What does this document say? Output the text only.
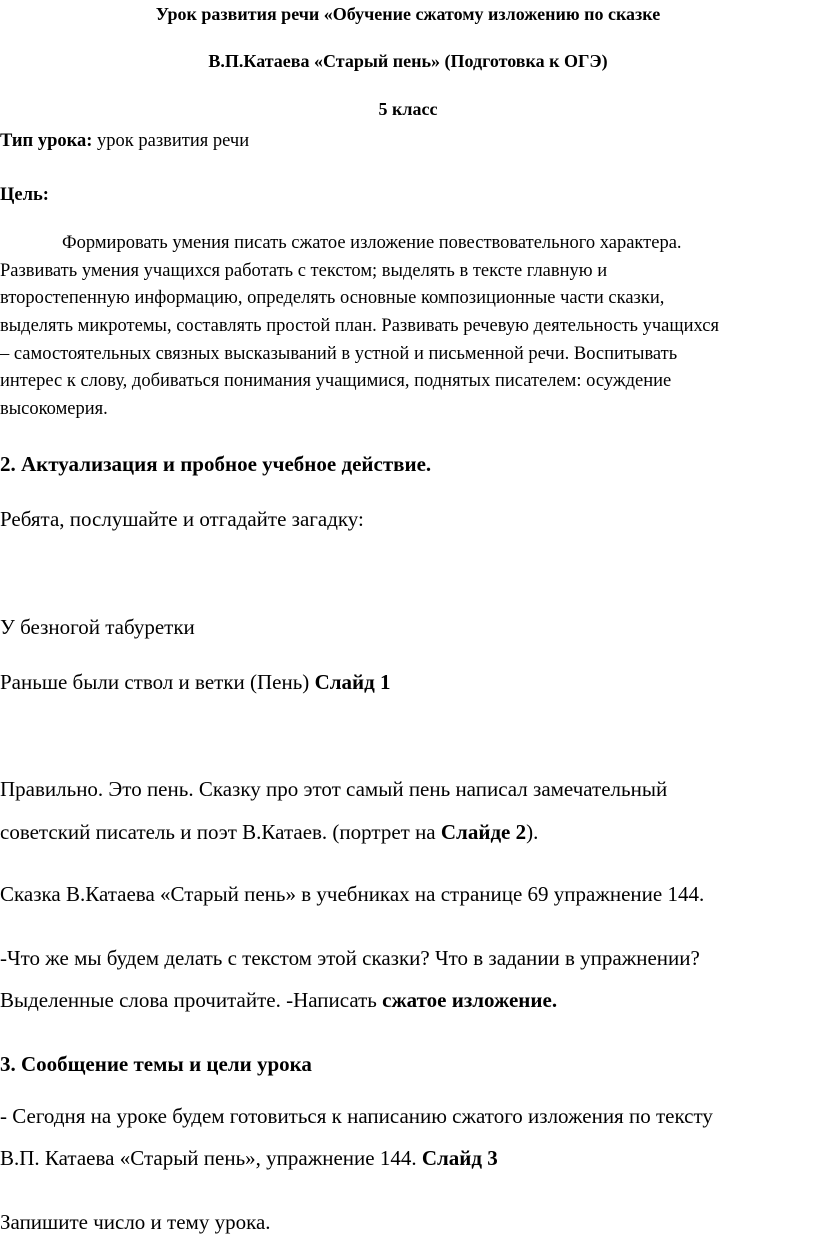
Урок развития речи «Обучение сжатому изложению по сказке

В.П.Катаева «Старый пень» (Подготовка к ОГЭ)

5 класс

Тип урока: урок развития речи

Цель:

Формировать умения писать сжатое изложение повествовательного характера.

Развивать умения учащихся работать с текстом; выделять в тексте главную и

второстепенную информацию, определять основные композиционные части сказки,

выделять микротемы, составлять простой план. Развивать речевую деятельность учащихся

– самостоятельных связных высказываний в устной и письменной речи. Воспитывать

интерес к слову, добиваться понимания учащимися, поднятых писателем: осуждение

высокомерия.

2. Актуализация и пробное учебное действие.

Ребята, послушайте и отгадайте загадку:

У безногой табуретки

Раньше были ствол и ветки (Пень) Слайд 1

Правильно. Это пень. Сказку про этот самый пень написал замечательный

советский писатель и поэт В.Катаев. (портрет на Слайде 2).

Сказка В.Катаева «Старый пень» в учебниках на странице 69 упражнение 144.

-Что же мы будем делать с текстом этой сказки? Что в задании в упражнении?

Выделенные слова прочитайте. -Написать сжатое изложение.

3. Сообщение темы и цели урока

- Сегодня на уроке будем готовиться к написанию сжатого изложения по тексту

В.П. Катаева «Старый пень», упражнение 144. Слайд 3

Запишите число и тему урока.
